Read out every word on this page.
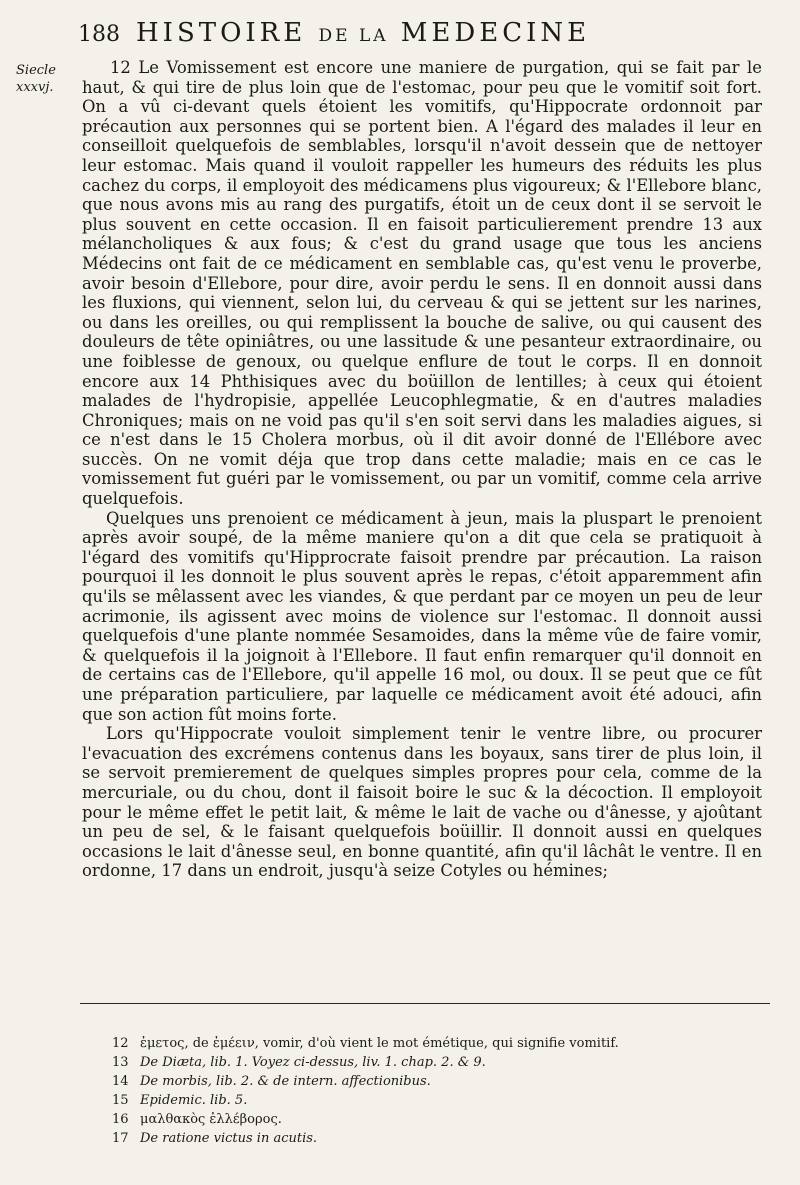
188 HISTOIRE DE LA MEDECINE
Siecle
xxxvj.

12 Le Vomissement est encore une maniere de purgation, qui se fait par le haut, & qui tire de plus loin que de l'estomac, pour peu que le vomitif soit fort. On a vû ci-devant quels étoient les vomitifs, qu'Hippocrate ordonnoit par précaution aux personnes qui se portent bien. A l'égard des malades il leur en conseilloit quelquefois de semblables, lorsqu'il n'avoit dessein que de nettoyer leur estomac. Mais quand il vouloit rappeller les humeurs des réduits les plus cachez du corps, il employoit des médicamens plus vigoureux; & l'Ellebore blanc, que nous avons mis au rang des purgatifs, étoit un de ceux dont il se servoit le plus souvent en cette occasion. Il en faisoit particulierement prendre 13 aux mélancholiques & aux fous; & c'est du grand usage que tous les anciens Médecins ont fait de ce médicament en semblable cas, qu'est venu le proverbe, avoir besoin d'Ellebore, pour dire, avoir perdu le sens. Il en donnoit aussi dans les fluxions, qui viennent, selon lui, du cerveau & qui se jettent sur les narines, ou dans les oreilles, ou qui remplissent la bouche de salive, ou qui causent des douleurs de tête opiniâtres, ou une lassitude & une pesanteur extraordinaire, ou une foiblesse de genoux, ou quelque enflure de tout le corps. Il en donnoit encore aux 14 Phthisiques avec du boüillon de lentilles; à ceux qui étoient malades de l'hydropisie, appellée Leucophlegmatie, & en d'autres maladies Chroniques; mais on ne void pas qu'il s'en soit servi dans les maladies aigues, si ce n'est dans le 15 Cholera morbus, où il dit avoir donné de l'Ellébore avec succès. On ne vomit déja que trop dans cette maladie; mais en ce cas le vomissement fut guéri par le vomissement, ou par un vomitif, comme cela arrive quelquefois.

Quelques uns prenoient ce médicament à jeun, mais la pluspart le prenoient après avoir soupé, de la même maniere qu'on a dit que cela se pratiquoit à l'égard des vomitifs qu'Hipprocrate faisoit prendre par précaution. La raison pourquoi il les donnoit le plus souvent après le repas, c'étoit apparemment afin qu'ils se mêlassent avec les viandes, & que perdant par ce moyen un peu de leur acrimonie, ils agissent avec moins de violence sur l'estomac. Il donnoit aussi quelquefois d'une plante nommée Sesamoides, dans la même vûe de faire vomir, & quelquefois il la joignoit à l'Ellebore. Il faut enfin remarquer qu'il donnoit en de certains cas de l'Ellebore, qu'il appelle 16 mol, ou doux. Il se peut que ce fût une préparation particuliere, par laquelle ce médicament avoit été adouci, afin que son action fût moins forte.

Lors qu'Hippocrate vouloit simplement tenir le ventre libre, ou procurer l'evacuation des excrémens contenus dans les boyaux, sans tirer de plus loin, il se servoit premierement de quelques simples propres pour cela, comme de la mercuriale, ou du chou, dont il faisoit boire le suc & la décoction. Il employoit pour le même effet le petit lait, & même le lait de vache ou d'ânesse, y ajoûtant un peu de sel, & le faisant quelquefois boüillir. Il donnoit aussi en quelques occasions le lait d'ânesse seul, en bonne quantité, afin qu'il lâchât le ventre. Il en ordonne, 17 dans un endroit, jusqu'à seize Cotyles ou hémines;

12 ἐμετος, de ἐμέειν, vomir, d'où vient le mot émétique, qui signifie vomitif.
13 De Diæta, lib. 1. Voyez ci-dessus, liv. 1. chap. 2. & 9.
14 De morbis, lib. 2. & de intern. affectionibus.
15 Epidemic. lib. 5.
16 μαλθακὸς ἐλλέβορος.
17 De ratione victus in acutis.
